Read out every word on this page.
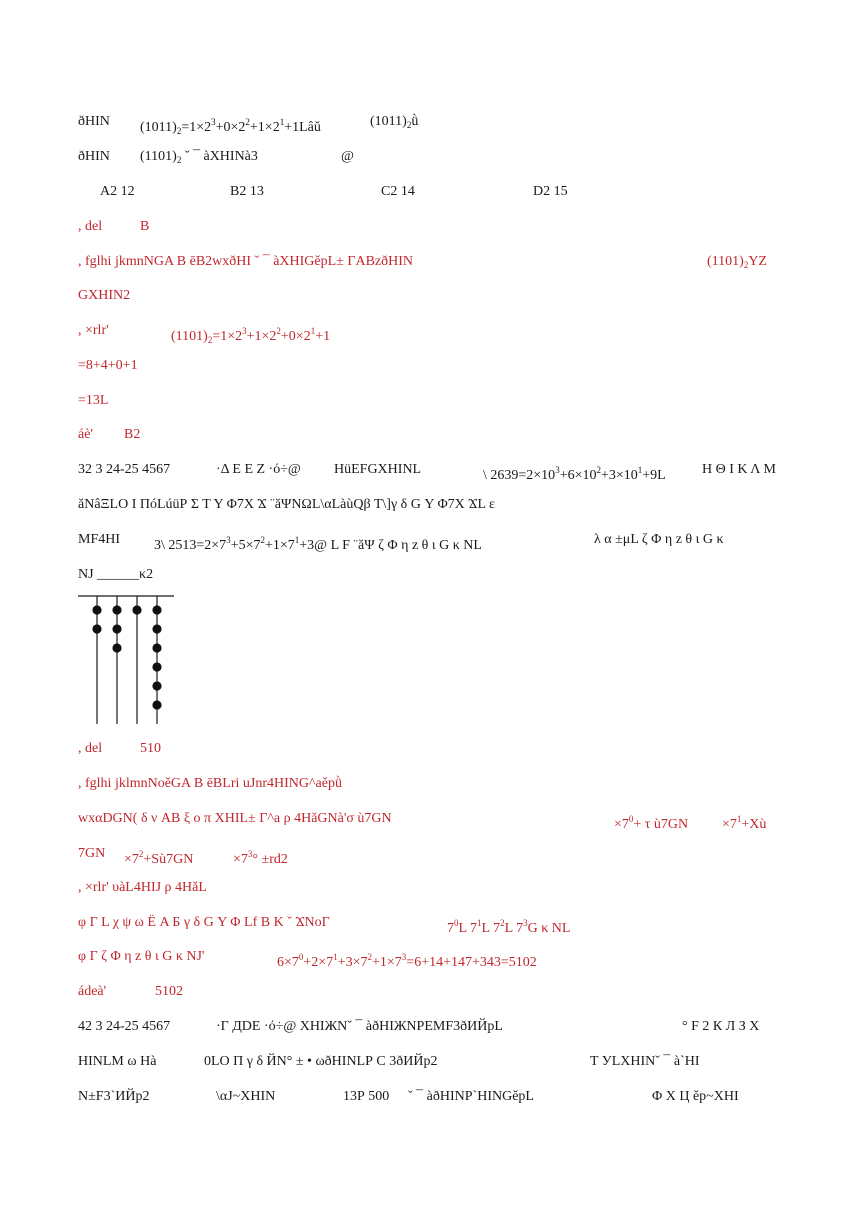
ðHIN $(1011)_2=1\times 2^3+0\times 2^2+1\times 2^1+1Lâǔ$	$(1011)_2ǜ$
ðHIN $(1101)_2$ ˇ ¯ àXHINà3	@
A2 12	B2 13	C2 14	D2 15
, del	B
, fglhi jkmnNGΑ Β ēB2wxðHI ˇ ¯ àXHIGěpL± ΓABzðHIN	$(1101)_2YZ$
GXHIN2
, ×rlr'	$(1101)_2=1\times 2^3+1\times 2^2+0\times 2^1+1$
=8+4+0+1
=13L
áè' B2
32 3 24-25 4567	·Δ Ε Ε Ζ ·ό÷@ HüEFGXHINL	\ $2639=2\times 10^3+6\times 10^2+3\times 10^1+9L$	Η Θ Ι Κ Λ Μ
ăNâΞLΟ Ι ΠóLúüΡ Σ Τ Υ Φ7Χ Ϫ ¨ăΨNΩL\αLàùQβ Τ\]γ δ G Υ Φ7Χ ϪL ε
MF4HI 3\ $2513=2\times 7^3+5\times 7^2+1\times 7^1+3@$ L F ¨ăΨ ζ Φ η z θ ι G κ NL	λ α ±μL ζ Φ η z θ ι G κ
NJ ______κ2
, del	510
, fglhi jklmnNoěGΑ Β ēBLri uJnr4HING^aěpǜ
wxαDGN( δ ν AB ξ ο π XHIL± Γ^a ρ 4HăGNà'σ ù7GN	$\times 7^0+ \tau$ ù7GN $\times 7^1+Xù$
$7GN \times 7^2+Sù7GN$	$\times 7^3^\circ \pm rd2$
, ×rlr' υàL4HIJ ρ 4HăL
φ Γ L χ ψ ω Ë Α Б γ δ G Υ Φ Lf Β Κ ˇ ϪNoΓ	$7^0L$ $7^1L$ $7^2L$ $7^3G$ κ NL
φ Γ ζ Φ η z θ ι G κ NJ'	$6\times 7^0+2\times 7^1+3\times 7^2+1\times 7^3=6+14+147+343=5102$
ádeà'	5102
42 3 24-25 4567	·Γ ДDΕ ·ό÷@ XHIЖNˇ ¯ àðHIЖNΡEMF3ðИЙpL	° F 2 К Л З Х
HINLM ω Hà	0LΟ Π γ δ ЙN° ± • ωðHINLΡ С 3ðИЙp2	Τ УLXHINˇ ¯ à`HI
N±F3`ИЙp2	\αJ~XHIN	13Ρ 500 ˇ ¯ àðHINP`HINGěpL	Φ Χ Ц ěp~XHI
